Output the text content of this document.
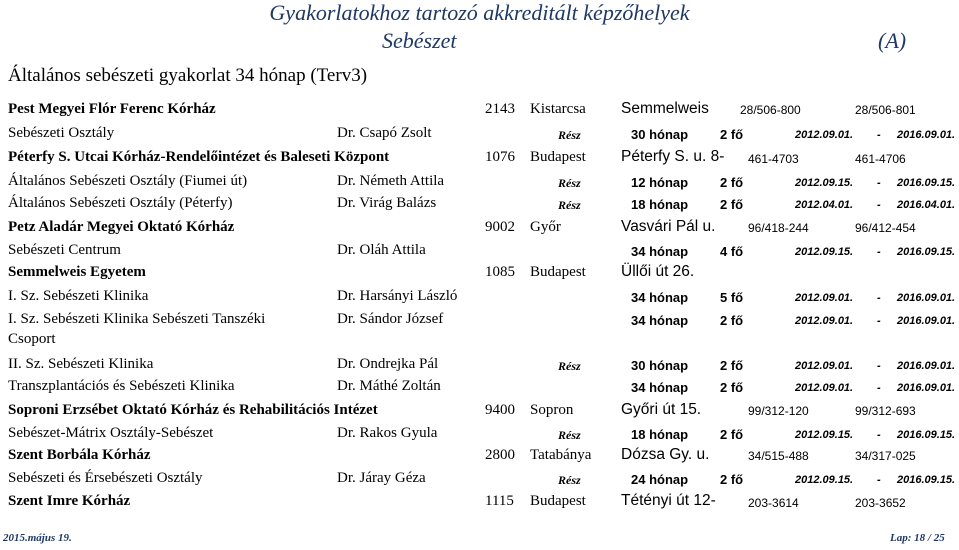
Gyakorlatokhoz tartozó akkreditált képzőhelyek
Sebészet	(A)
Általános sebészeti gyakorlat 34 hónap (Terv3)
Pest Megyei Flór Ferenc Kórház	2143 Kistarcsa Semmelweis	28/506-800	28/506-801
Sebészeti Osztály	Dr. Csapó Zsolt	Rész	30 hónap 2 fő	2012.09.01. - 2016.09.01.
Péterfy S. Utcai Kórház-Rendelőintézet és Baleseti Központ	1076 Budapest Péterfy S. u. 8- 461-4703	461-4706
Általános Sebészeti Osztály (Fiumei út)	Dr. Németh Attila	Rész	12 hónap 2 fő	2012.09.15. - 2016.09.15.
Általános Sebészeti Osztály (Péterfy)	Dr. Virág Balázs	Rész	18 hónap 2 fő	2012.04.01. - 2016.04.01.
Petz Aladár Megyei Oktató Kórház	9002 Győr	Vasvári Pál u.	96/418-244	96/412-454
Sebészeti Centrum	Dr. Oláh Attila	34 hónap 4 fő	2012.09.15. - 2016.09.15.
Semmelweis Egyetem	1085 Budapest Üllői út 26.
I. Sz. Sebészeti Klinika	Dr. Harsányi László	34 hónap 5 fő	2012.09.01. - 2016.09.01.
I. Sz. Sebészeti Klinika Sebészeti Tanszéki
Csoport
Dr. Sándor József	34 hónap 2 fő	2012.09.01. - 2016.09.01.
II. Sz. Sebészeti Klinika	Dr. Ondrejka Pál	Rész	30 hónap 2 fő	2012.09.01. - 2016.09.01.
Transzplantációs és Sebészeti Klinika	Dr. Máthé Zoltán	34 hónap 2 fő	2012.09.01. - 2016.09.01.
Soproni Erzsébet Oktató Kórház és Rehabilitációs Intézet	9400 Sopron	Győri út 15.	99/312-120	99/312-693
Sebészet-Mátrix Osztály-Sebészet	Dr. Rakos Gyula	Rész	18 hónap 2 fő	2012.09.15. - 2016.09.15.
Szent Borbála Kórház	2800 Tatabánya Dózsa Gy. u.	34/515-488	34/317-025
Sebészeti és Érsebészeti Osztály	Dr. Járay Géza	Rész	24 hónap 2 fő	2012.09.15. - 2016.09.15.
Szent Imre Kórház	1115 Budapest Tétényi út 12-	203-3614	203-3652
2015.május 19.	Lap: 18 / 25
